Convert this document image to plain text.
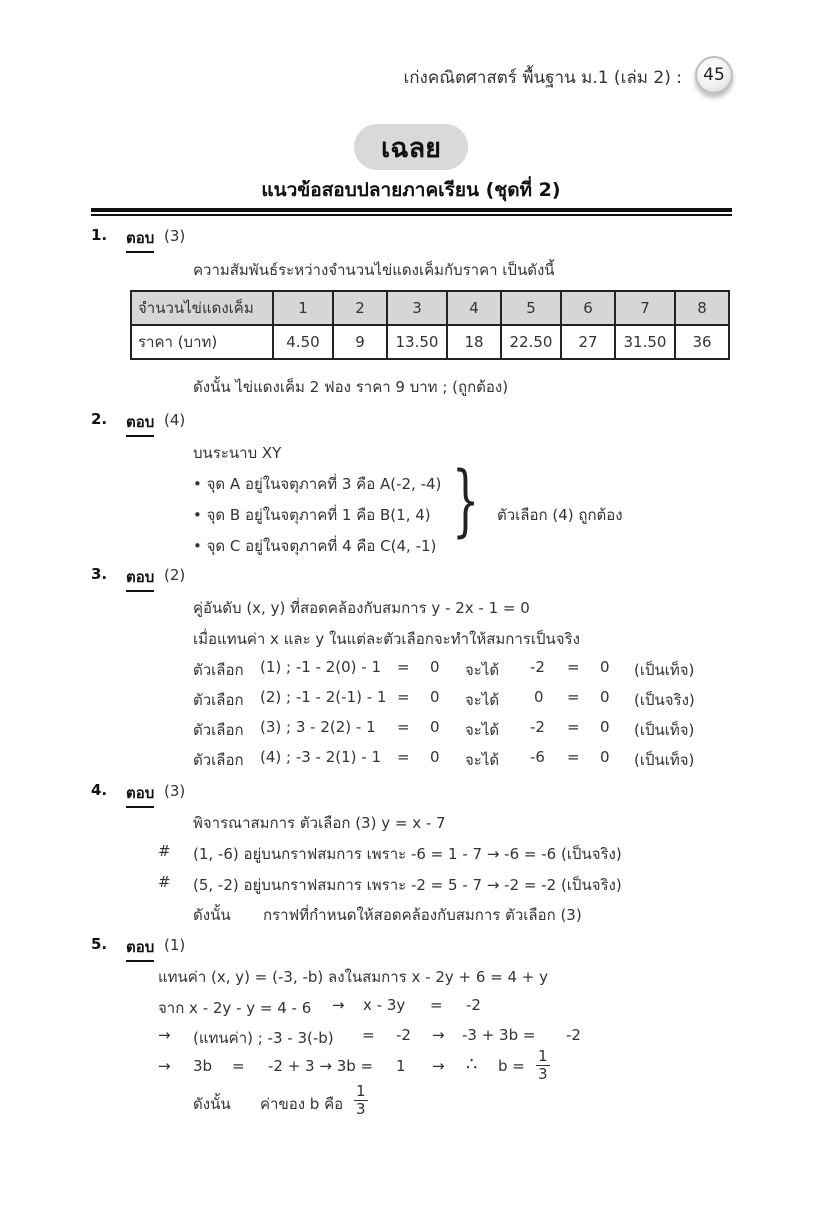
เก่งคณิตศาสตร์ พื้นฐาน ม.1 (เล่ม 2) :	45
เฉลย
แนวข้อสอบปลายภาคเรียน (ชุดที่ 2)
1. ตอบ (3)
ความสัมพันธ์ระหว่างจำนวนไข่แดงเค็มกับราคา เป็นดังนี้
จำนวนไข่แดงเค็ม	1	2	3	4	5	6	7	8
ราคา (บาท)	4.50	9	13.50	18	22.50	27	31.50	36
ดังนั้น ไข่แดงเค็ม 2 ฟอง ราคา 9 บาท ; (ถูกต้อง)
2. ตอบ (4)
บนระนาบ XY
• จุด A อยู่ในจตุภาคที่ 3 คือ A(-2, -4)
• จุด B อยู่ในจตุภาคที่ 1 คือ B(1, 4)
• จุด C อยู่ในจตุภาคที่ 4 คือ C(4, -1) } ตัวเลือก (4) ถูกต้อง
3. ตอบ (2)
คู่อันดับ (x, y) ที่สอดคล้องกับสมการ y - 2x - 1 = 0
เมื่อแทนค่า x และ y ในแต่ละตัวเลือกจะทำให้สมการเป็นจริง
ตัวเลือก (1) ; -1 - 2(0) - 1 = 0 จะได้ -2 = 0 (เป็นเท็จ)
ตัวเลือก (2) ; -1 - 2(-1) - 1 = 0 จะได้ 0 = 0 (เป็นจริง)
ตัวเลือก (3) ; 3 - 2(2) - 1 = 0 จะได้ -2 = 0 (เป็นเท็จ)
ตัวเลือก (4) ; -3 - 2(1) - 1 = 0 จะได้ -6 = 0 (เป็นเท็จ)
4. ตอบ (3)
พิจารณาสมการ ตัวเลือก (3) y = x - 7
# (1, -6) อยู่บนกราฟสมการ เพราะ -6 = 1 - 7 → -6 = -6 (เป็นจริง)
# (5, -2) อยู่บนกราฟสมการ เพราะ -2 = 5 - 7 → -2 = -2 (เป็นจริง)
ดังนั้น กราฟที่กำหนดให้สอดคล้องกับสมการ ตัวเลือก (3)
5. ตอบ (1)
แทนค่า (x, y) = (-3, -b) ลงในสมการ x - 2y + 6 = 4 + y
จาก x - 2y - y = 4 - 6 → x - 3y = -2
→ (แทนค่า) ; -3 - 3(-b) = -2 → -3 + 3b = -2
→ 3b = -2 + 3 → 3b = 1 → ∴ $b = \frac{1}{3}$
ดังนั้น ค่าของ b คือ $\frac{1}{3}$
